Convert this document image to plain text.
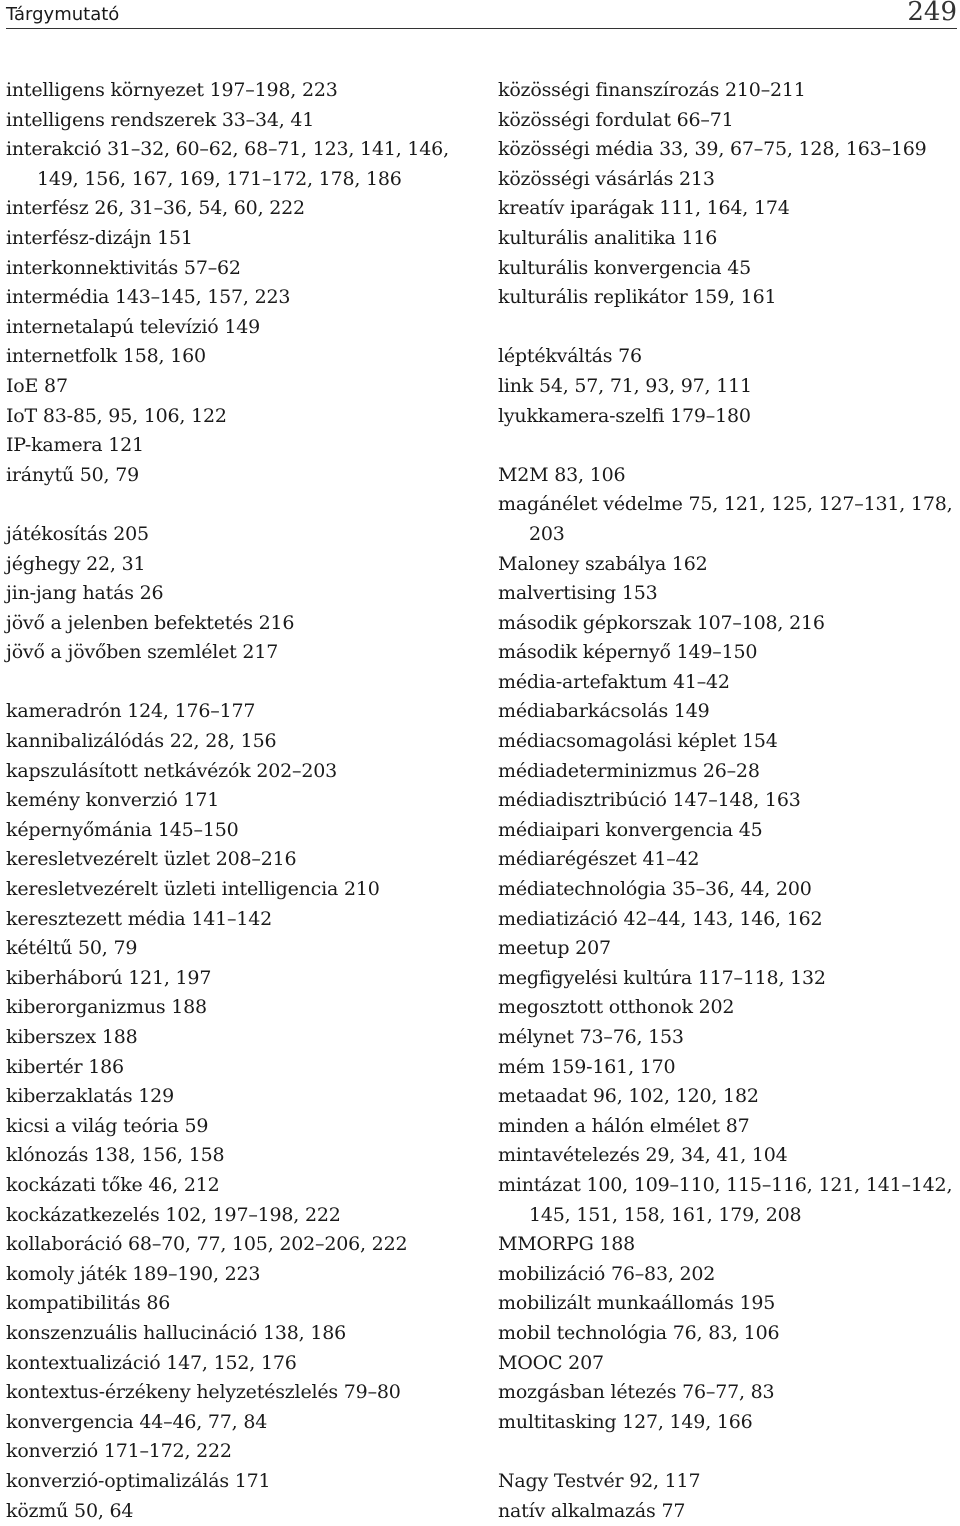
Tárgymutató	249
intelligens környezet 197–198, 223
intelligens rendszerek 33–34, 41
interakció 31–32, 60–62, 68–71, 123, 141, 146,
149, 156, 167, 169, 171–172, 178, 186
interfész 26, 31–36, 54, 60, 222
interfész-dizájn 151
interkonnektivitás 57–62
intermédia 143–145, 157, 223
internetalapú televízió 149
internetfolk 158, 160
IoE 87
IoT 83-85, 95, 106, 122
IP-kamera 121
iránytű 50, 79
játékosítás 205
jéghegy 22, 31
jin-jang hatás 26
jövő a jelenben befektetés 216
jövő a jövőben szemlélet 217
kameradrón 124, 176–177
kannibalizálódás 22, 28, 156
kapszulásított netkávézók 202–203
kemény konverzió 171
képernyőmánia 145–150
keresletvezérelt üzlet 208–216
keresletvezérelt üzleti intelligencia 210
keresztezett média 141–142
kétéltű 50, 79
kiberháború 121, 197
kiberorganizmus 188
kiberszex 188
kibertér 186
kiberzaklatás 129
kicsi a világ teória 59
klónozás 138, 156, 158
kockázati tőke 46, 212
kockázatkezelés 102, 197–198, 222
kollaboráció 68–70, 77, 105, 202–206, 222
komoly játék 189–190, 223
kompatibilitás 86
konszenzuális hallucináció 138, 186
kontextualizáció 147, 152, 176
kontextus-érzékeny helyzetészlelés 79–80
konvergencia 44–46, 77, 84
konverzió 171–172, 222
konverzió-optimalizálás 171
közmű 50, 64
közösségi finanszírozás 210–211
közösségi fordulat 66–71
közösségi média 33, 39, 67–75, 128, 163–169
közösségi vásárlás 213
kreatív iparágak 111, 164, 174
kulturális analitika 116
kulturális konvergencia 45
kulturális replikátor 159, 161
léptékváltás 76
link 54, 57, 71, 93, 97, 111
lyukkamera-szelfi 179–180
M2M 83, 106
magánélet védelme 75, 121, 125, 127–131, 178,
203
Maloney szabálya 162
malvertising 153
második gépkorszak 107–108, 216
második képernyő 149–150
média-artefaktum 41–42
médiabarkácsolás 149
médiacsomagolási képlet 154
médiadeterminizmus 26–28
médiadisztribúció 147–148, 163
médiaipari konvergencia 45
médiarégészet 41–42
médiatechnológia 35–36, 44, 200
mediatizáció 42–44, 143, 146, 162
meetup 207
megfigyelési kultúra 117–118, 132
megosztott otthonok 202
mélynet 73–76, 153
mém 159-161, 170
metaadat 96, 102, 120, 182
minden a hálón elmélet 87
mintavételezés 29, 34, 41, 104
mintázat 100, 109–110, 115–116, 121, 141–142,
145, 151, 158, 161, 179, 208
MMORPG 188
mobilizáció 76–83, 202
mobilizált munkaállomás 195
mobil technológia 76, 83, 106
MOOC 207
mozgásban létezés 76–77, 83
multitasking 127, 149, 166
Nagy Testvér 92, 117
natív alkalmazás 77
